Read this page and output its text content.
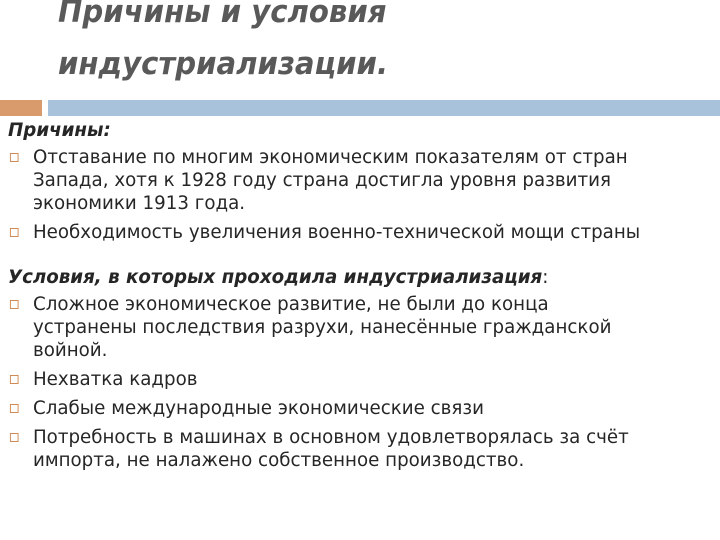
Причины и условия
индустриализации.
Причины:
Отставание по многим экономическим показателям от стран
Запада, хотя к 1928 году страна достигла уровня развития
экономики 1913 года.
Необходимость увеличения военно-технической мощи страны
Условия, в которых проходила индустриализация:
Сложное экономическое развитие, не были до конца
устранены последствия разрухи, нанесённые гражданской
войной.
Нехватка кадров
Слабые международные экономические связи
Потребность в машинах в основном удовлетворялась за счёт
импорта, не налажено собственное производство.
